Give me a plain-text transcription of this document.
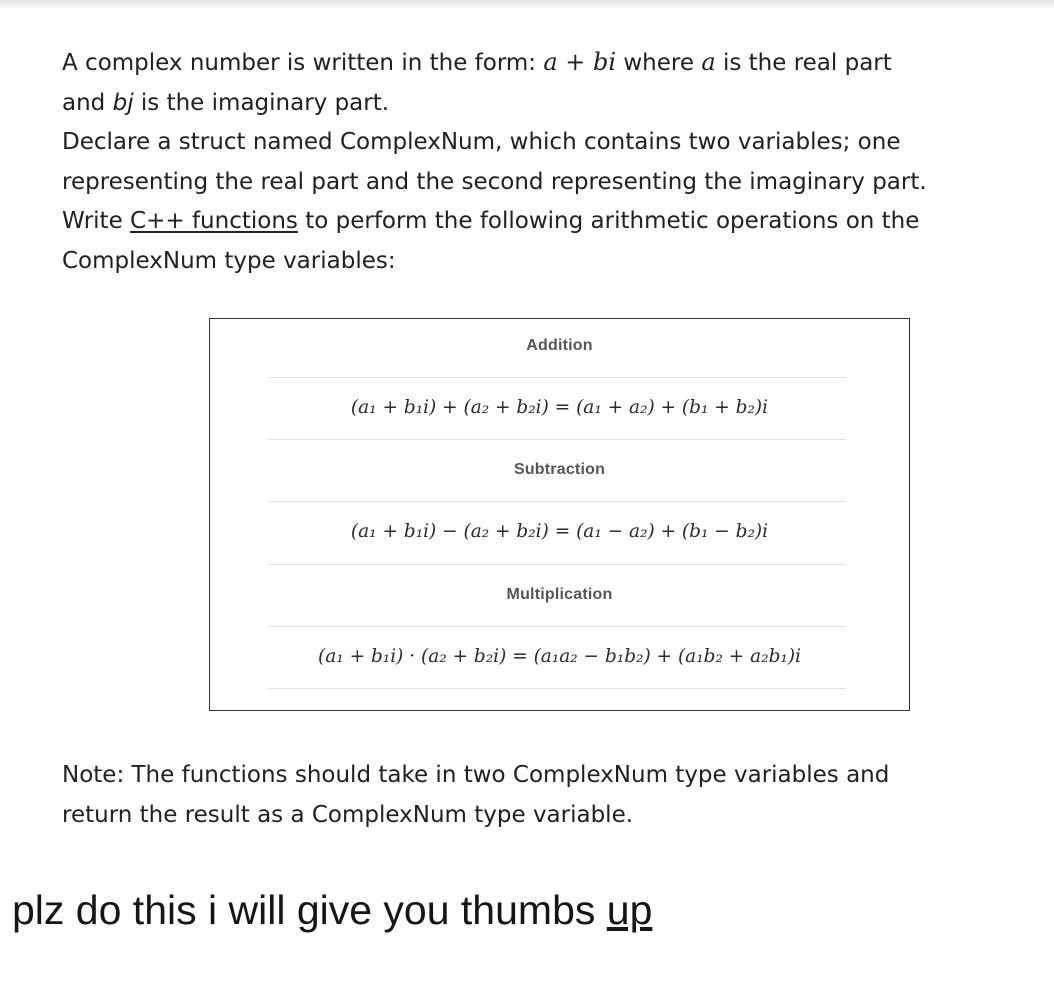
A complex number is written in the form: a + bi where a is the real part
and bj is the imaginary part.
Declare a struct named ComplexNum, which contains two variables; one
representing the real part and the second representing the imaginary part.
Write C++ functions to perform the following arithmetic operations on the
ComplexNum type variables:
Addition
(a₁ + b₁i) + (a₂ + b₂i) = (a₁ + a₂) + (b₁ + b₂)i
Subtraction
(a₁ + b₁i) − (a₂ + b₂i) = (a₁ − a₂) + (b₁ − b₂)i
Multiplication
(a₁ + b₁i) · (a₂ + b₂i) = (a₁a₂ − b₁b₂) + (a₁b₂ + a₂b₁)i
Note: The functions should take in two ComplexNum type variables and
return the result as a ComplexNum type variable.
plz do this i will give you thumbs up
